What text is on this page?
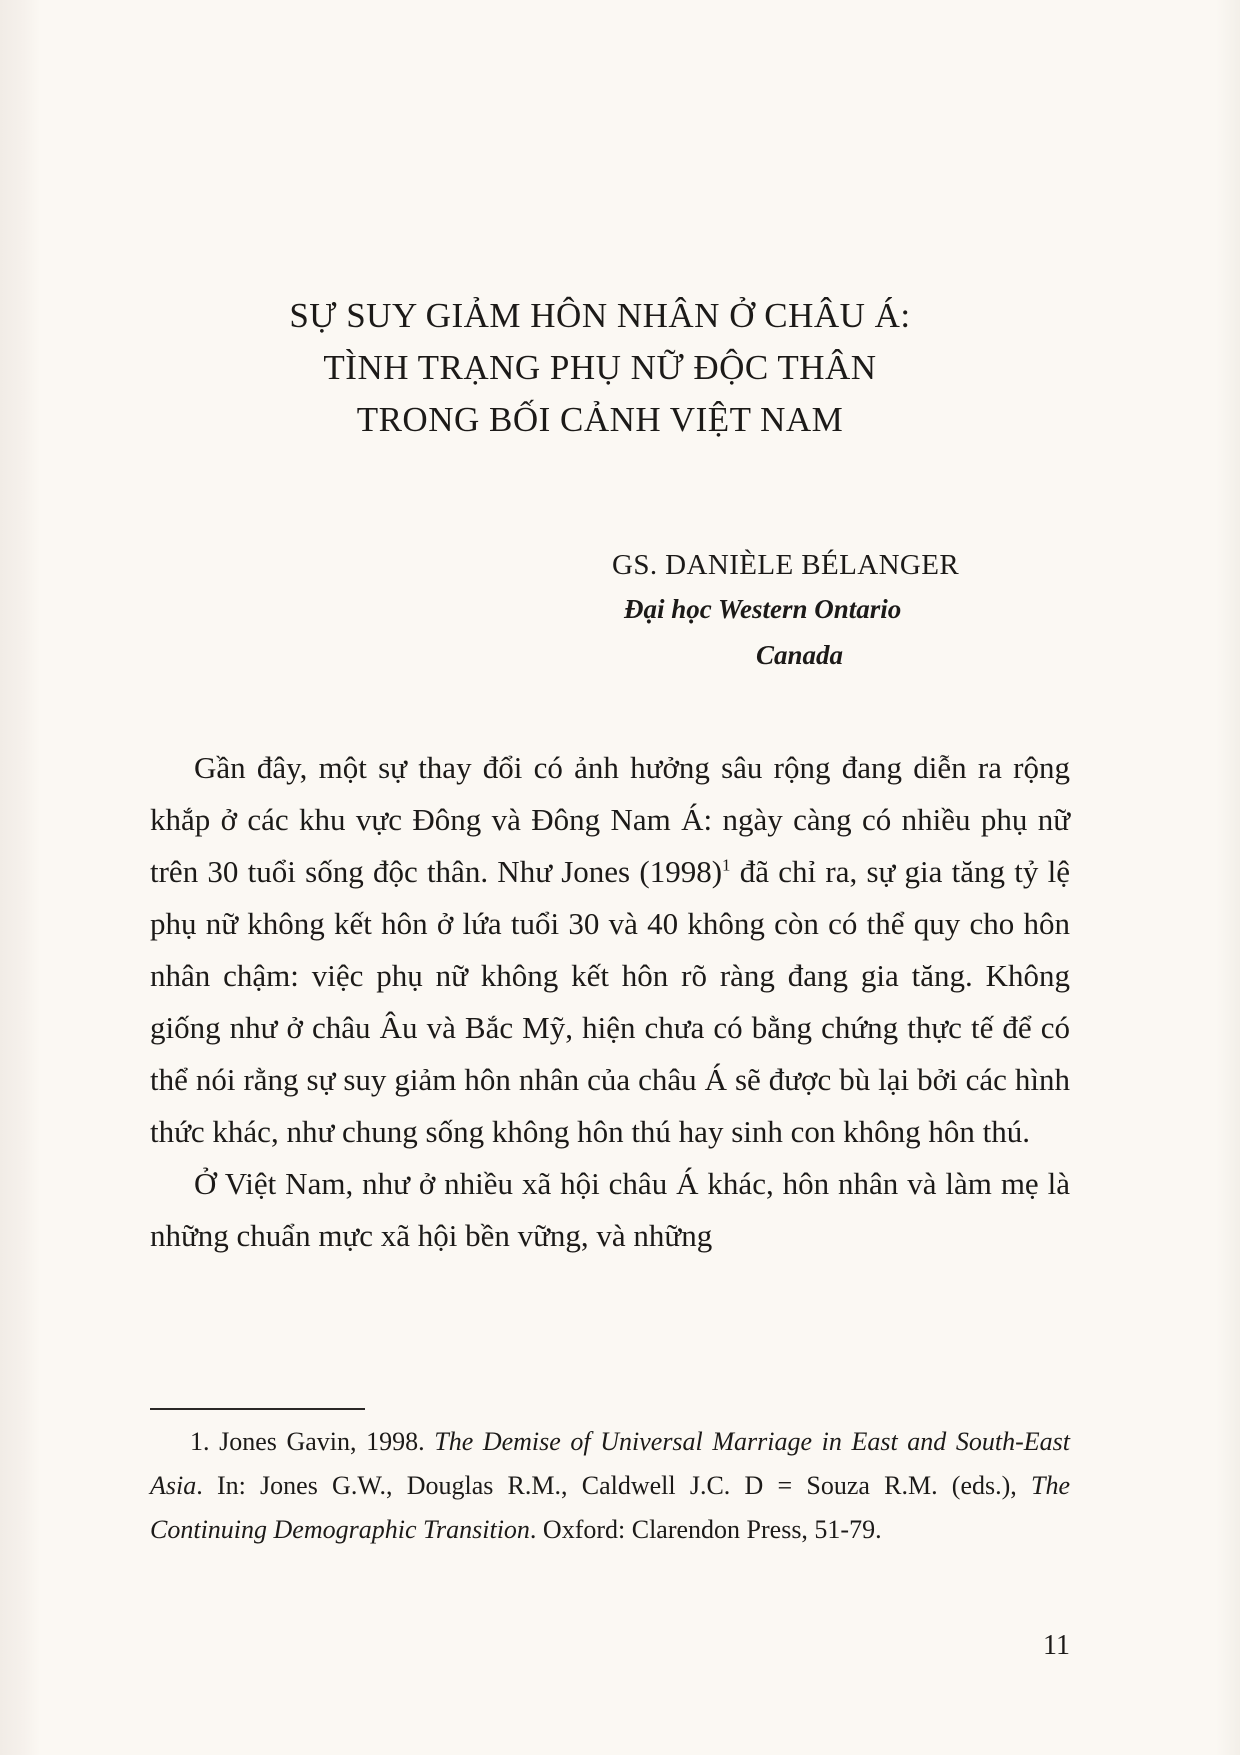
SỰ SUY GIẢM HÔN NHÂN Ở CHÂU Á:

TÌNH TRẠNG PHỤ NỮ ĐỘC THÂN

TRONG BỐI CẢNH VIỆT NAM

GS. DANIÈLE BÉLANGER

Đại học Western Ontario

Canada

Gần đây, một sự thay đổi có ảnh hưởng sâu rộng đang diễn ra rộng khắp ở các khu vực Đông và Đông Nam Á: ngày càng có nhiều phụ nữ trên 30 tuổi sống độc thân. Như Jones $(1998)^1$ đã chỉ ra, sự gia tăng tỷ lệ phụ nữ không kết hôn ở lứa tuổi 30 và 40 không còn có thể quy cho hôn nhân chậm: việc phụ nữ không kết hôn rõ ràng đang gia tăng. Không giống như ở châu Âu và Bắc Mỹ, hiện chưa có bằng chứng thực tế để có thể nói rằng sự suy giảm hôn nhân của châu Á sẽ được bù lại bởi các hình thức khác, như chung sống không hôn thú hay sinh con không hôn thú.

Ở Việt Nam, như ở nhiều xã hội châu Á khác, hôn nhân và làm mẹ là những chuẩn mực xã hội bền vững, và những

1. Jones Gavin, 1998. The Demise of Universal Marriage in East and South-East Asia. In: Jones G.W., Douglas R.M., Caldwell J.C. D = Souza R.M. (eds.), The Continuing Demographic Transition. Oxford: Clarendon Press, 51-79.

11
